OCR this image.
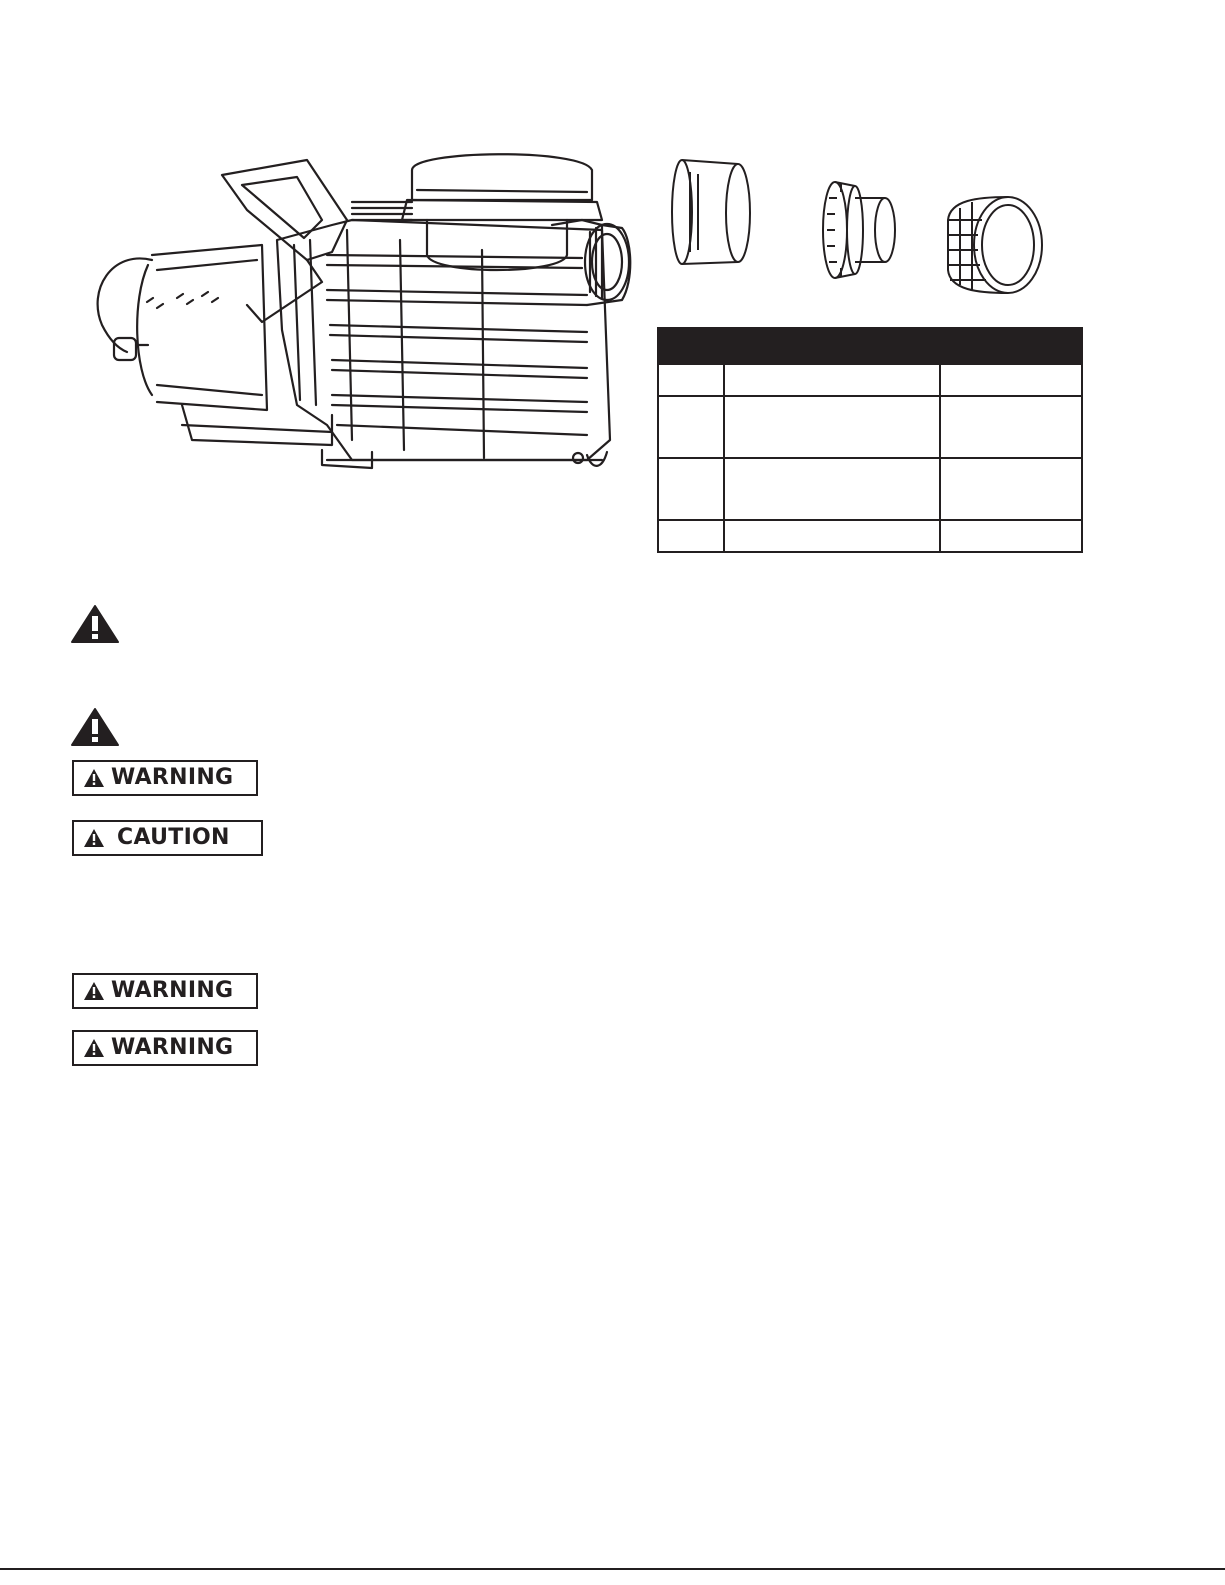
WARNING
CAUTION
WARNING
WARNING
